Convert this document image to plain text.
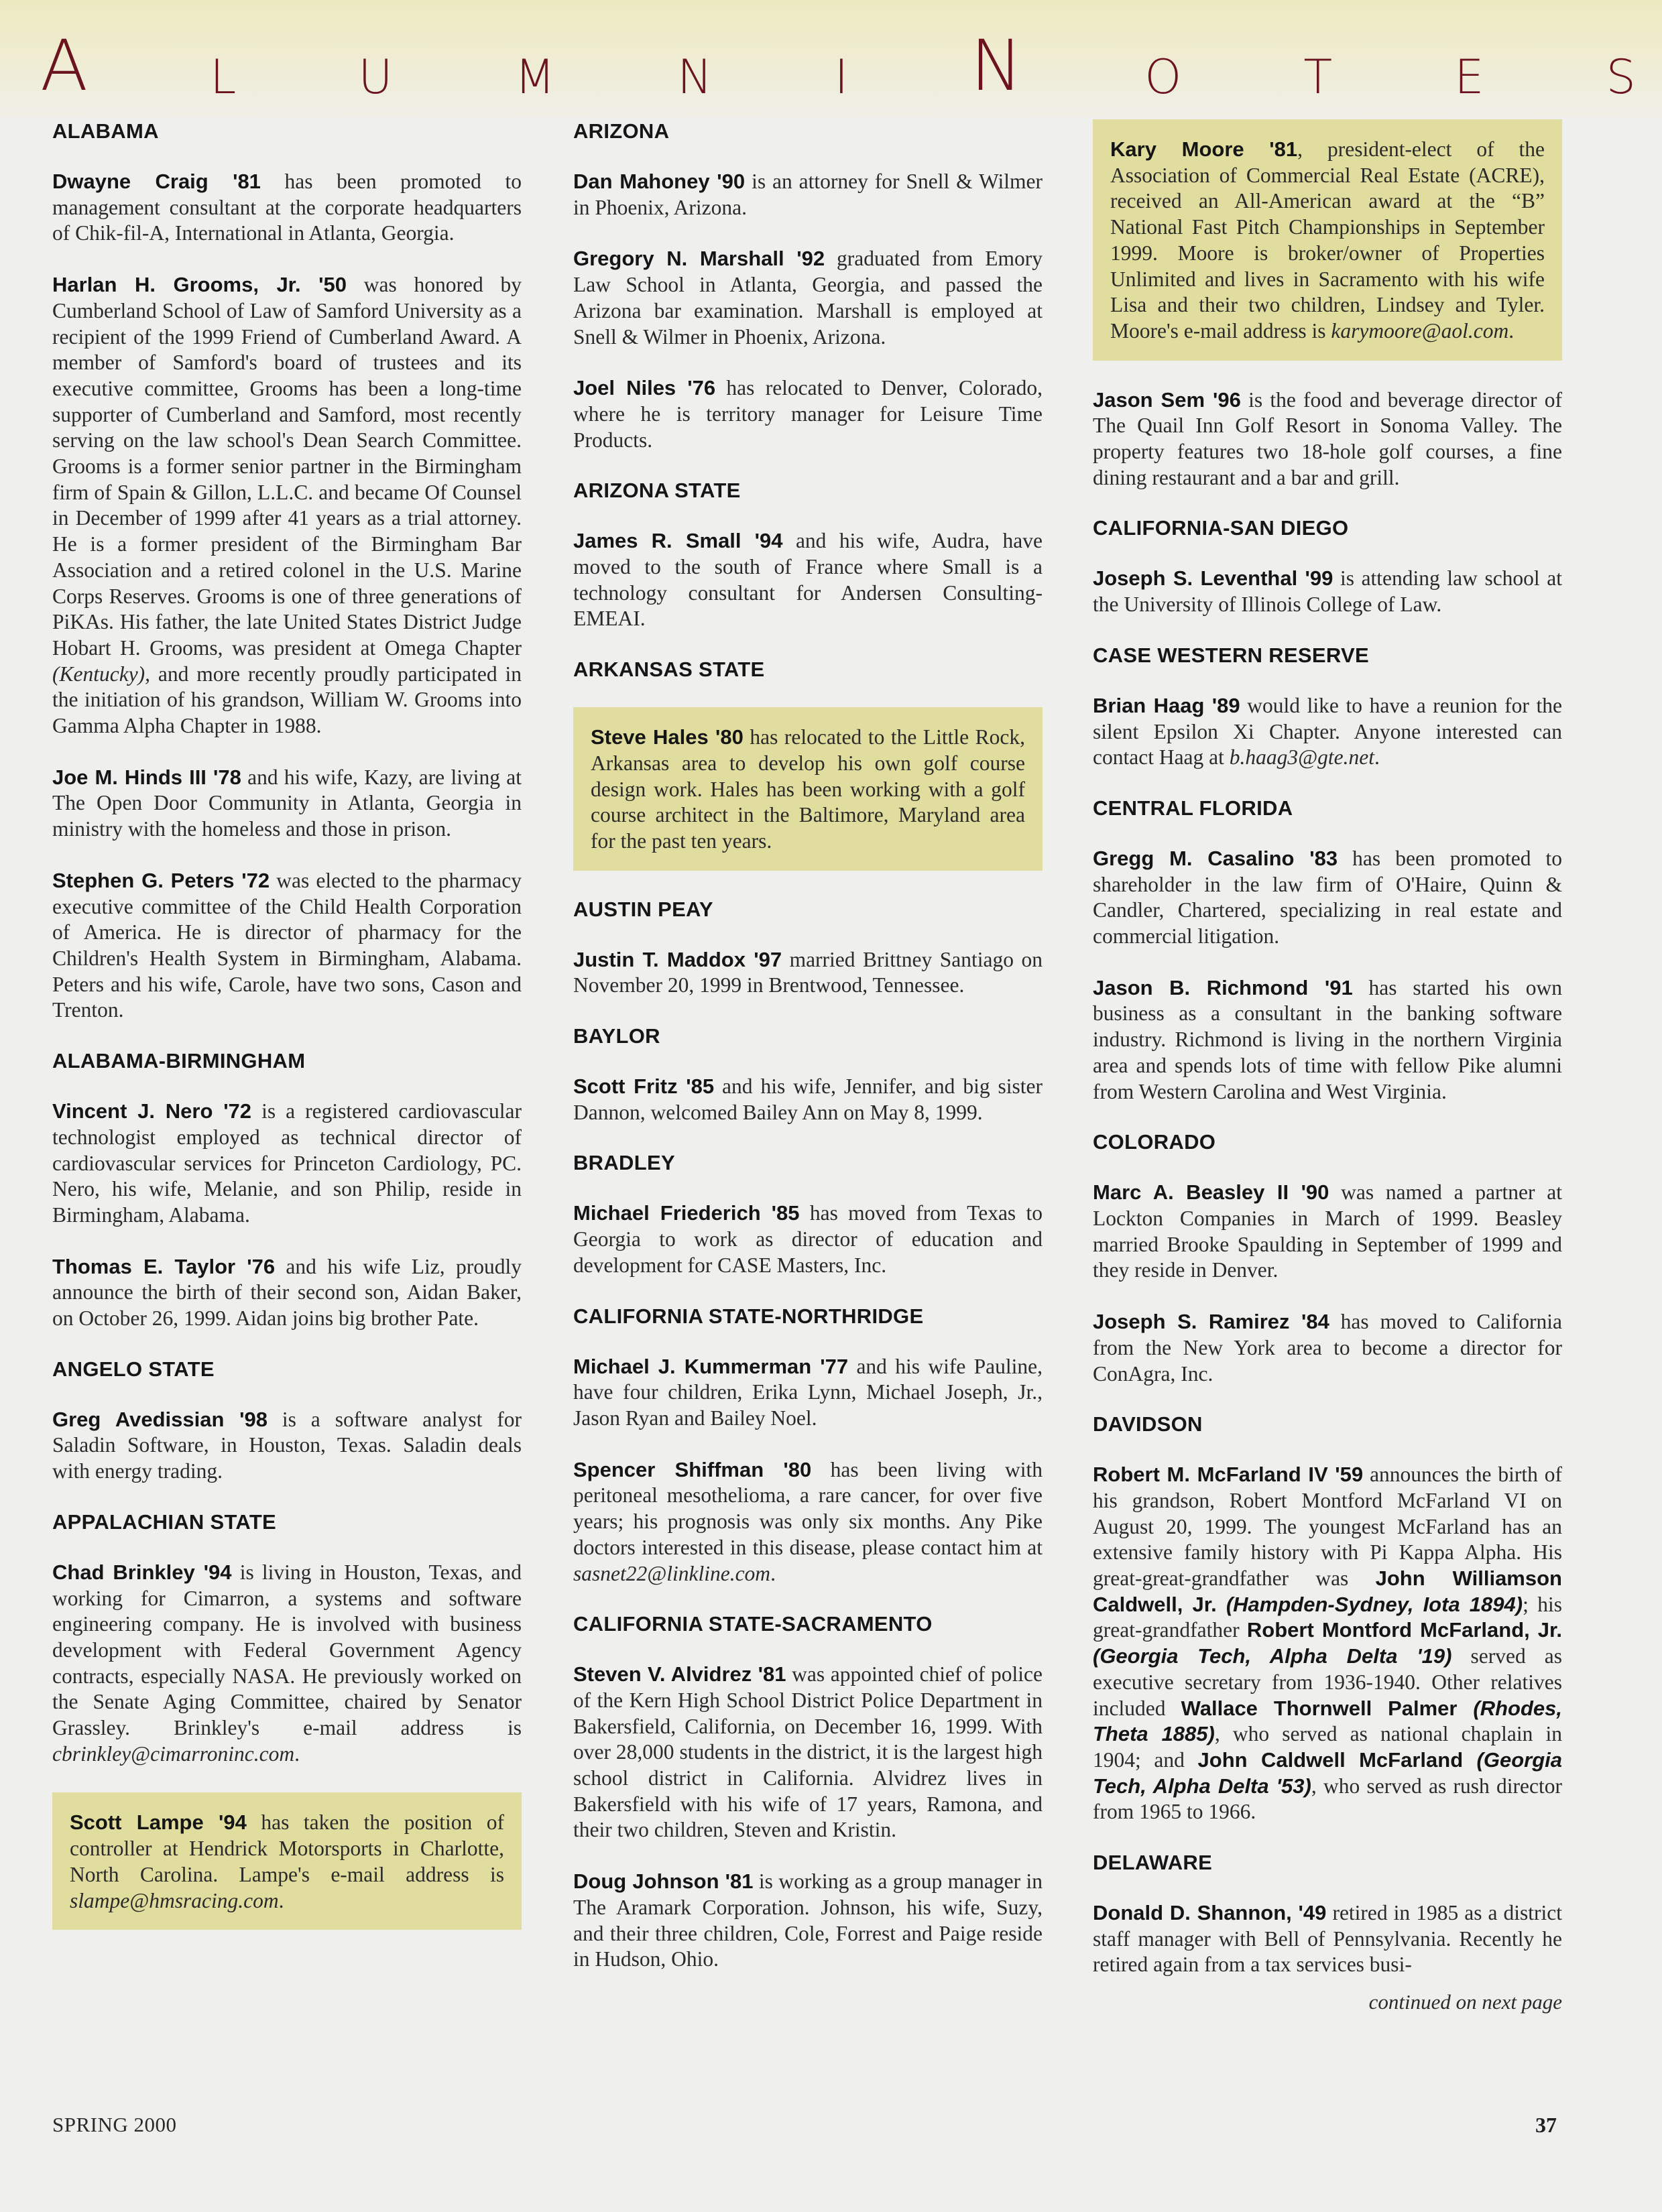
A	L	U	M	N	I N	O	T	E	S
ALABAMA

Dwayne Craig '81 has been promoted to management consultant at the corporate headquarters of Chik-fil-A, International in Atlanta, Georgia.

Harlan H. Grooms, Jr. '50 was honored by Cumberland School of Law of Samford University as a recipient of the 1999 Friend of Cumberland Award. A member of Samford's board of trustees and its executive committee, Grooms has been a long-time supporter of Cumberland and Samford, most recently serving on the law school's Dean Search Committee. Grooms is a former senior partner in the Birmingham firm of Spain & Gillon, L.L.C. and became Of Counsel in December of 1999 after 41 years as a trial attorney. He is a former president of the Birmingham Bar Association and a retired colonel in the U.S. Marine Corps Reserves. Grooms is one of three generations of PiKAs. His father, the late United States District Judge Hobart H. Grooms, was president at Omega Chapter (Kentucky), and more recently proudly participated in the initiation of his grandson, William W. Grooms into Gamma Alpha Chapter in 1988.

Joe M. Hinds III '78 and his wife, Kazy, are living at The Open Door Community in Atlanta, Georgia in ministry with the homeless and those in prison.

Stephen G. Peters '72 was elected to the pharmacy executive committee of the Child Health Corporation of America. He is director of pharmacy for the Children's Health System in Birmingham, Alabama. Peters and his wife, Carole, have two sons, Cason and Trenton.

ALABAMA-BIRMINGHAM

Vincent J. Nero '72 is a registered cardiovascular technologist employed as technical director of cardiovascular services for Princeton Cardiology, PC. Nero, his wife, Melanie, and son Philip, reside in Birmingham, Alabama.

Thomas E. Taylor '76 and his wife Liz, proudly announce the birth of their second son, Aidan Baker, on October 26, 1999. Aidan joins big brother Pate.

ANGELO STATE

Greg Avedissian '98 is a software analyst for Saladin Software, in Houston, Texas. Saladin deals with energy trading.

APPALACHIAN STATE

Chad Brinkley '94 is living in Houston, Texas, and working for Cimarron, a systems and software engineering company. He is involved with business development with Federal Government Agency contracts, especially NASA. He previously worked on the Senate Aging Committee, chaired by Senator Grassley. Brinkley's e-mail address is cbrinkley@cimarroninc.com.

Scott Lampe '94 has taken the position of controller at Hendrick Motorsports in Charlotte, North Carolina. Lampe's e-mail address is slampe@hmsracing.com.

ARIZONA

Dan Mahoney '90 is an attorney for Snell & Wilmer in Phoenix, Arizona.

Gregory N. Marshall '92 graduated from Emory Law School in Atlanta, Georgia, and passed the Arizona bar examination. Marshall is employed at Snell & Wilmer in Phoenix, Arizona.

Joel Niles '76 has relocated to Denver, Colorado, where he is territory manager for Leisure Time Products.

ARIZONA STATE

James R. Small '94 and his wife, Audra, have moved to the south of France where Small is a technology consultant for Andersen Consulting-EMEAI.

ARKANSAS STATE

Steve Hales '80 has relocated to the Little Rock, Arkansas area to develop his own golf course design work. Hales has been working with a golf course architect in the Baltimore, Maryland area for the past ten years.

AUSTIN PEAY

Justin T. Maddox '97 married Brittney Santiago on November 20, 1999 in Brentwood, Tennessee.

BAYLOR

Scott Fritz '85 and his wife, Jennifer, and big sister Dannon, welcomed Bailey Ann on May 8, 1999.

BRADLEY

Michael Friederich '85 has moved from Texas to Georgia to work as director of education and development for CASE Masters, Inc.

CALIFORNIA STATE-NORTHRIDGE

Michael J. Kummerman '77 and his wife Pauline, have four children, Erika Lynn, Michael Joseph, Jr., Jason Ryan and Bailey Noel.

Spencer Shiffman '80 has been living with peritoneal mesothelioma, a rare cancer, for over five years; his prognosis was only six months. Any Pike doctors interested in this disease, please contact him at sasnet22@linkline.com.

CALIFORNIA STATE-SACRAMENTO

Steven V. Alvidrez '81 was appointed chief of police of the Kern High School District Police Department in Bakersfield, California, on December 16, 1999. With over 28,000 students in the district, it is the largest high school district in California. Alvidrez lives in Bakersfield with his wife of 17 years, Ramona, and their two children, Steven and Kristin.

Doug Johnson '81 is working as a group manager in The Aramark Corporation. Johnson, his wife, Suzy, and their three children, Cole, Forrest and Paige reside in Hudson, Ohio.

Kary Moore '81, president-elect of the Association of Commercial Real Estate (ACRE), received an All-American award at the “B” National Fast Pitch Championships in September 1999. Moore is broker/owner of Properties Unlimited and lives in Sacramento with his wife Lisa and their two children, Lindsey and Tyler. Moore's e-mail address is karymoore@aol.com.

Jason Sem '96 is the food and beverage director of The Quail Inn Golf Resort in Sonoma Valley. The property features two 18-hole golf courses, a fine dining restaurant and a bar and grill.

CALIFORNIA-SAN DIEGO

Joseph S. Leventhal '99 is attending law school at the University of Illinois College of Law.

CASE WESTERN RESERVE

Brian Haag '89 would like to have a reunion for the silent Epsilon Xi Chapter. Anyone interested can contact Haag at b.haag3@gte.net.

CENTRAL FLORIDA

Gregg M. Casalino '83 has been promoted to shareholder in the law firm of O'Haire, Quinn & Candler, Chartered, specializing in real estate and commercial litigation.

Jason B. Richmond '91 has started his own business as a consultant in the banking software industry. Richmond is living in the northern Virginia area and spends lots of time with fellow Pike alumni from Western Carolina and West Virginia.

COLORADO

Marc A. Beasley II '90 was named a partner at Lockton Companies in March of 1999. Beasley married Brooke Spaulding in September of 1999 and they reside in Denver.

Joseph S. Ramirez '84 has moved to California from the New York area to become a director for ConAgra, Inc.

DAVIDSON

Robert M. McFarland IV '59 announces the birth of his grandson, Robert Montford McFarland VI on August 20, 1999. The youngest McFarland has an extensive family history with Pi Kappa Alpha. His great-great-grandfather was John Williamson Caldwell, Jr. (Hampden-Sydney, Iota 1894); his great-grandfather Robert Montford McFarland, Jr. (Georgia Tech, Alpha Delta '19) served as executive secretary from 1936-1940. Other relatives included Wallace Thornwell Palmer (Rhodes, Theta 1885), who served as national chaplain in 1904; and John Caldwell McFarland (Georgia Tech, Alpha Delta '53), who served as rush director from 1965 to 1966.

DELAWARE

Donald D. Shannon, '49 retired in 1985 as a district staff manager with Bell of Pennsylvania. Recently he retired again from a tax services busi-

continued on next page
SPRING 2000	37
